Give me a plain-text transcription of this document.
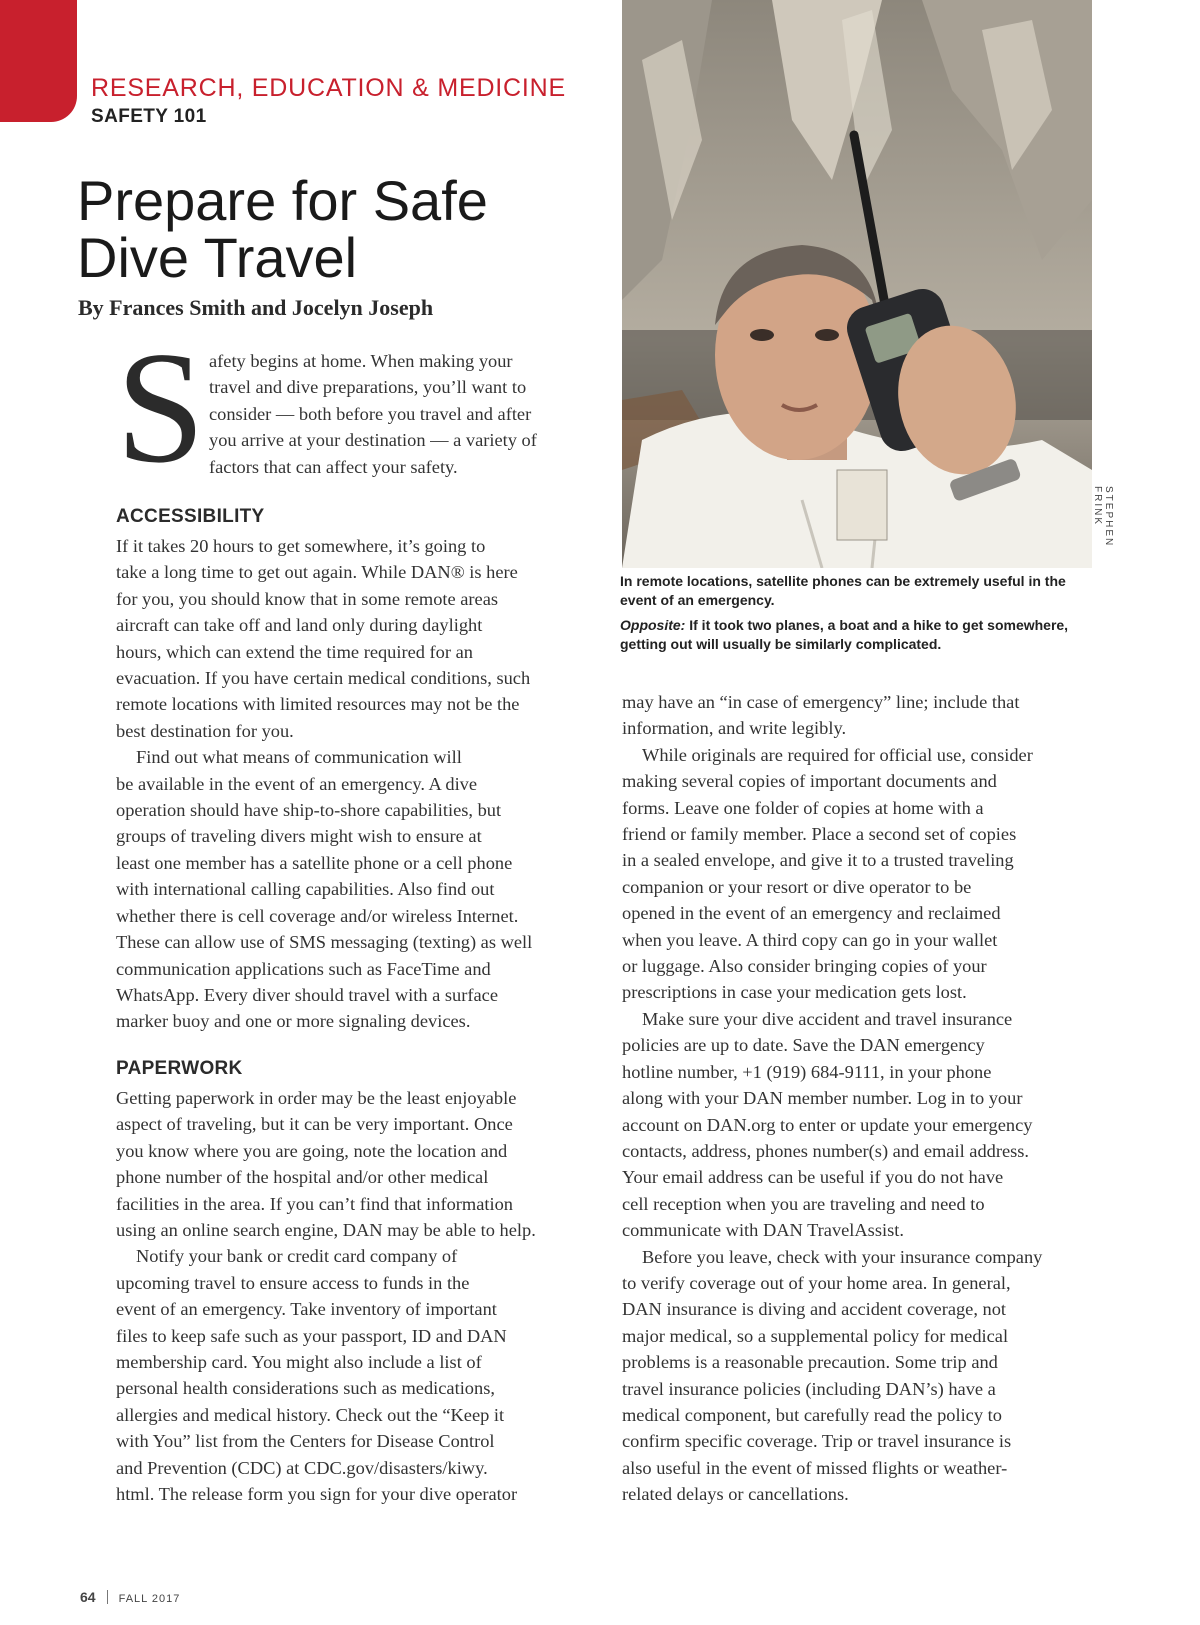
RESEARCH, EDUCATION & MEDICINE
SAFETY 101
Prepare for Safe
Dive Travel
By Frances Smith and Jocelyn Joseph
S afety begins at home. When making your
travel and dive preparations, you’ll want to
consider — both before you travel and after
you arrive at your destination — a variety of
factors that can affect your safety.
ACCESSIBILITY
If it takes 20 hours to get somewhere, it’s going to
take a long time to get out again. While DAN® is here
for you, you should know that in some remote areas
aircraft can take off and land only during daylight
hours, which can extend the time required for an
evacuation. If you have certain medical conditions, such
remote locations with limited resources may not be the
best destination for you.
Find out what means of communication will
be available in the event of an emergency. A dive
operation should have ship-to-shore capabilities, but
groups of traveling divers might wish to ensure at
least one member has a satellite phone or a cell phone
with international calling capabilities. Also find out
whether there is cell coverage and/or wireless Internet.
These can allow use of SMS messaging (texting) as well
communication applications such as FaceTime and
WhatsApp. Every diver should travel with a surface
marker buoy and one or more signaling devices.
PAPERWORK
Getting paperwork in order may be the least enjoyable
aspect of traveling, but it can be very important. Once
you know where you are going, note the location and
phone number of the hospital and/or other medical
facilities in the area. If you can’t find that information
using an online search engine, DAN may be able to help.
Notify your bank or credit card company of
upcoming travel to ensure access to funds in the
event of an emergency. Take inventory of important
files to keep safe such as your passport, ID and DAN
membership card. You might also include a list of
personal health considerations such as medications,
allergies and medical history. Check out the “Keep it
with You” list from the Centers for Disease Control
and Prevention (CDC) at CDC.gov/disasters/kiwy.
html. The release form you sign for your dive operator
STEPHEN FRINK
In remote locations, satellite phones can be extremely useful in the
event of an emergency.
Opposite: If it took two planes, a boat and a hike to get somewhere,
getting out will usually be similarly complicated.
may have an “in case of emergency” line; include that
information, and write legibly.
While originals are required for official use, consider
making several copies of important documents and
forms. Leave one folder of copies at home with a
friend or family member. Place a second set of copies
in a sealed envelope, and give it to a trusted traveling
companion or your resort or dive operator to be
opened in the event of an emergency and reclaimed
when you leave. A third copy can go in your wallet
or luggage. Also consider bringing copies of your
prescriptions in case your medication gets lost.
Make sure your dive accident and travel insurance
policies are up to date. Save the DAN emergency
hotline number, +1 (919) 684-9111, in your phone
along with your DAN member number. Log in to your
account on DAN.org to enter or update your emergency
contacts, address, phones number(s) and email address.
Your email address can be useful if you do not have
cell reception when you are traveling and need to
communicate with DAN TravelAssist.
Before you leave, check with your insurance company
to verify coverage out of your home area. In general,
DAN insurance is diving and accident coverage, not
major medical, so a supplemental policy for medical
problems is a reasonable precaution. Some trip and
travel insurance policies (including DAN’s) have a
medical component, but carefully read the policy to
confirm specific coverage. Trip or travel insurance is
also useful in the event of missed flights or weather-
related delays or cancellations.
64 FALL 2017
